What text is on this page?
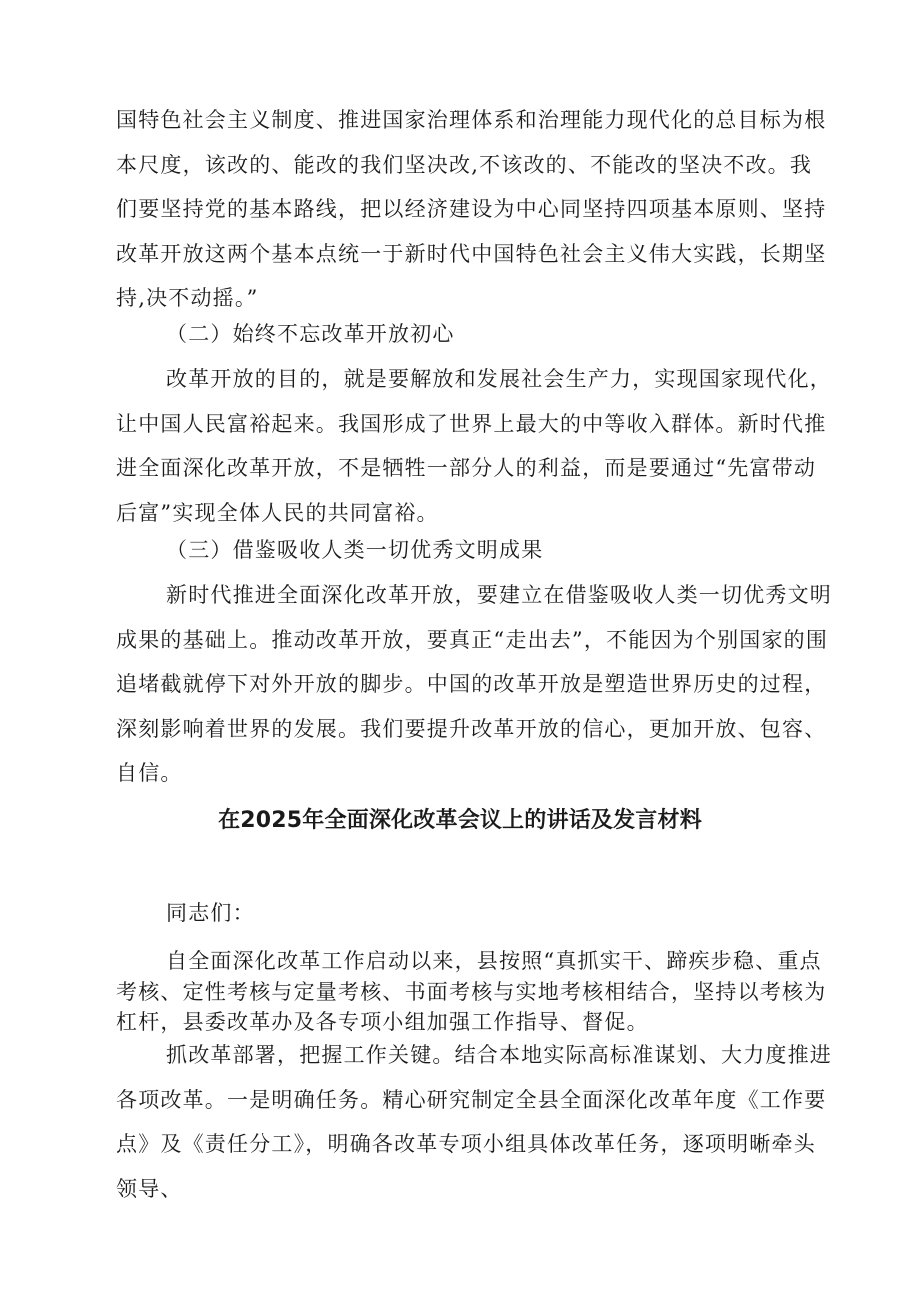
国特色社会主义制度、推进国家治理体系和治理能力现代化的总目标为根本尺度，该改的、能改的我们坚决改,不该改的、不能改的坚决不改。我们要坚持党的基本路线，把以经济建设为中心同坚持四项基本原则、坚持改革开放这两个基本点统一于新时代中国特色社会主义伟大实践，长期坚持,决不动摇。”

（二）始终不忘改革开放初心

改革开放的目的，就是要解放和发展社会生产力，实现国家现代化，让中国人民富裕起来。我国形成了世界上最大的中等收入群体。新时代推进全面深化改革开放，不是牺牲一部分人的利益，而是要通过“先富带动后富”实现全体人民的共同富裕。

（三）借鉴吸收人类一切优秀文明成果

新时代推进全面深化改革开放，要建立在借鉴吸收人类一切优秀文明成果的基础上。推动改革开放，要真正“走出去”，不能因为个别国家的围追堵截就停下对外开放的脚步。中国的改革开放是塑造世界历史的过程，深刻影响着世界的发展。我们要提升改革开放的信心，更加开放、包容、自信。

在2025年全面深化改革会议上的讲话及发言材料

同志们：

自全面深化改革工作启动以来，县按照“真抓实干、蹄疾步稳、重点考核、定性考核与定量考核、书面考核与实地考核相结合，坚持以考核为杠杆，县委改革办及各专项小组加强工作指导、督促。

抓改革部署，把握工作关键。结合本地实际高标准谋划、大力度推进各项改革。一是明确任务。精心研究制定全县全面深化改革年度《工作要点》及《责任分工》，明确各改革专项小组具体改革任务，逐项明晰牵头领导、
